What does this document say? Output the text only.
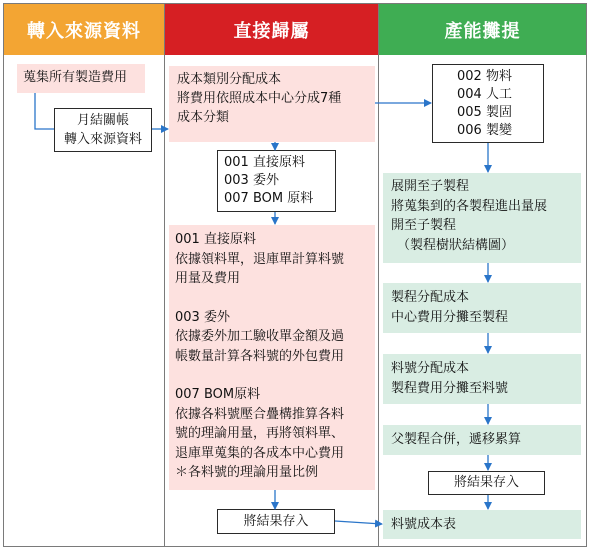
轉入來源資料	直接歸屬	產能攤提
蒐集所有製造費用
月結關帳
轉入來源資料
成本類別分配成本
將費用依照成本中心分成7種
成本分類
001 直接原料
003 委外
007 BOM 原料
001 直接原料
依據領料單，退庫單計算料號
用量及費用
003 委外
依據委外加工驗收單金額及過
帳數量計算各料號的外包費用
007 BOM原料
依據各料號壓合疊構推算各料
號的理論用量，再將領料單、
退庫單蒐集的各成本中心費用
＊各料號的理論用量比例
將結果存入
002 物料
004 人工
005 製固
006 製變
展開至子製程
將蒐集到的各製程進出量展
開至子製程
（製程樹狀結構圖）
製程分配成本
中心費用分攤至製程
料號分配成本
製程費用分攤至料號
父製程合併，遞移累算
將結果存入
料號成本表
